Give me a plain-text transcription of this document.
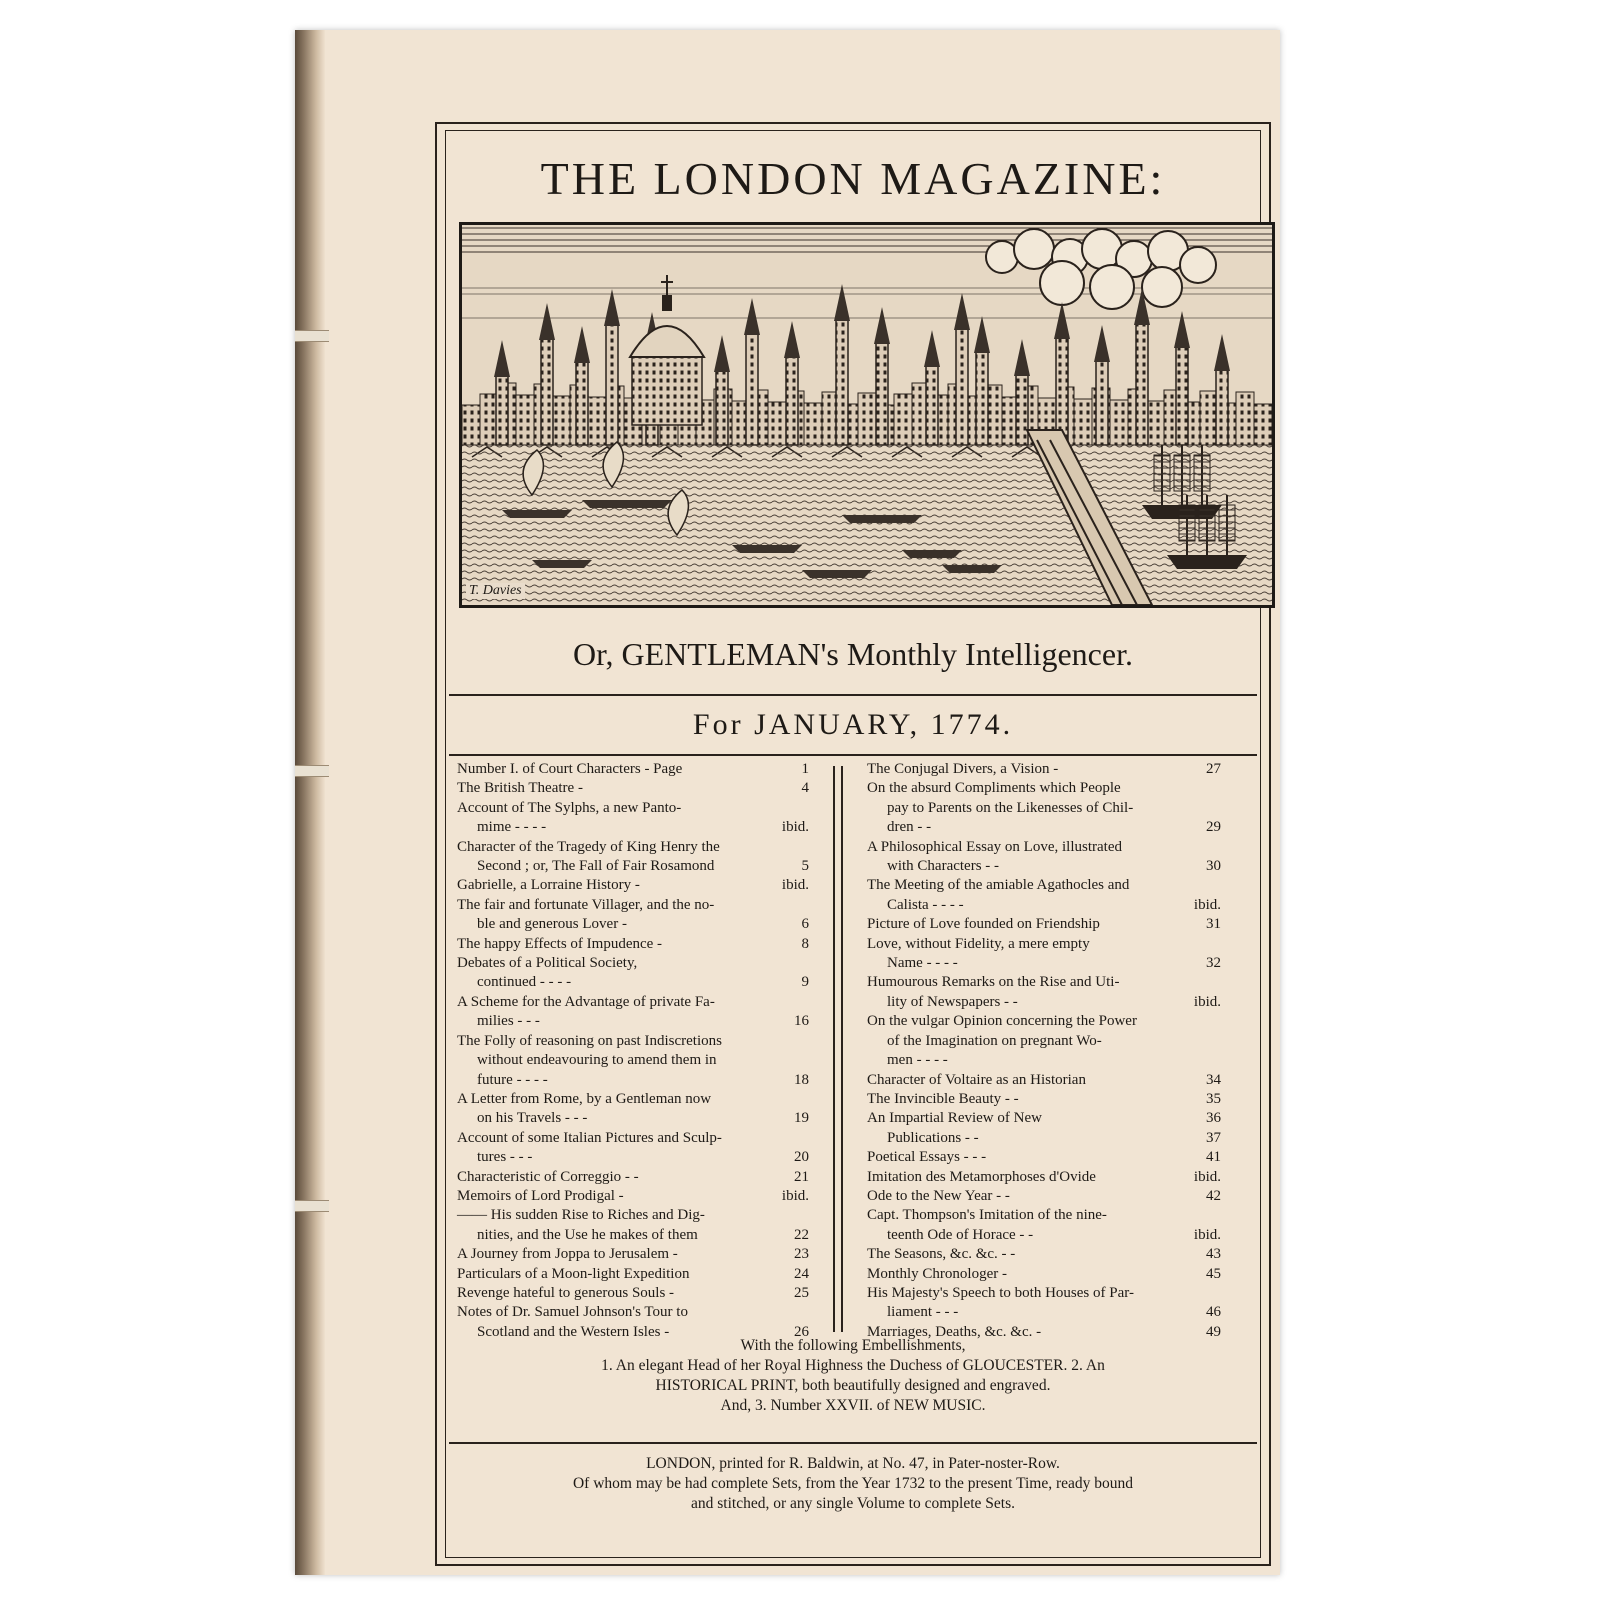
THE LONDON MAGAZINE:
T. Davies
Or, GENTLEMAN's Monthly Intelligencer.
For JANUARY, 1774.
Number I. of Court Characters - Page	1
The British Theatre -	4
Account of The Sylphs, a new Panto-
mime - - - -	ibid.
Character of the Tragedy of King Henry the
Second ; or, The Fall of Fair Rosamond	5
Gabrielle, a Lorraine History -	ibid.
The fair and fortunate Villager, and the no-
ble and generous Lover -	6
The happy Effects of Impudence -	8
Debates of a Political Society,
continued - - - -	9
A Scheme for the Advantage of private Fa-
milies - - -	16
The Folly of reasoning on past Indiscretions
without endeavouring to amend them in
future - - - -	18
A Letter from Rome, by a Gentleman now
on his Travels - - -	19
Account of some Italian Pictures and Sculp-
tures - - -	20
Characteristic of Correggio - -	21
Memoirs of Lord Prodigal -	ibid.
—— His sudden Rise to Riches and Dig-
nities, and the Use he makes of them	22
A Journey from Joppa to Jerusalem -	23
Particulars of a Moon-light Expedition	24
Revenge hateful to generous Souls -	25
Notes of Dr. Samuel Johnson's Tour to
Scotland and the Western Isles -	26
The Conjugal Divers, a Vision -	27
On the absurd Compliments which People
pay to Parents on the Likenesses of Chil-
dren - -	29
A Philosophical Essay on Love, illustrated
with Characters - -	30
The Meeting of the amiable Agathocles and
Calista - - - -	ibid.
Picture of Love founded on Friendship	31
Love, without Fidelity, a mere empty
Name - - - -	32
Humourous Remarks on the Rise and Uti-
lity of Newspapers - -	ibid.
On the vulgar Opinion concerning the Power
of the Imagination on pregnant Wo-
men - - - -
Character of Voltaire as an Historian	34
The Invincible Beauty - -	35
An Impartial Review of New	36
Publications - -	37
Poetical Essays - - -	41
Imitation des Metamorphoses d'Ovide	ibid.
Ode to the New Year - -	42
Capt. Thompson's Imitation of the nine-
teenth Ode of Horace - -	ibid.
The Seasons, &c. &c. - -	43
Monthly Chronologer -	45
His Majesty's Speech to both Houses of Par-
liament - - -	46
Marriages, Deaths, &c. &c. -	49
With the following Embellishments,
1. An elegant Head of her Royal Highness the Duchess of GLOUCESTER. 2. An
HISTORICAL PRINT, both beautifully designed and engraved.
And, 3. Number XXVII. of NEW MUSIC.
LONDON, printed for R. Baldwin, at No. 47, in Pater-noster-Row.
Of whom may be had complete Sets, from the Year 1732 to the present Time, ready bound
and stitched, or any single Volume to complete Sets.
